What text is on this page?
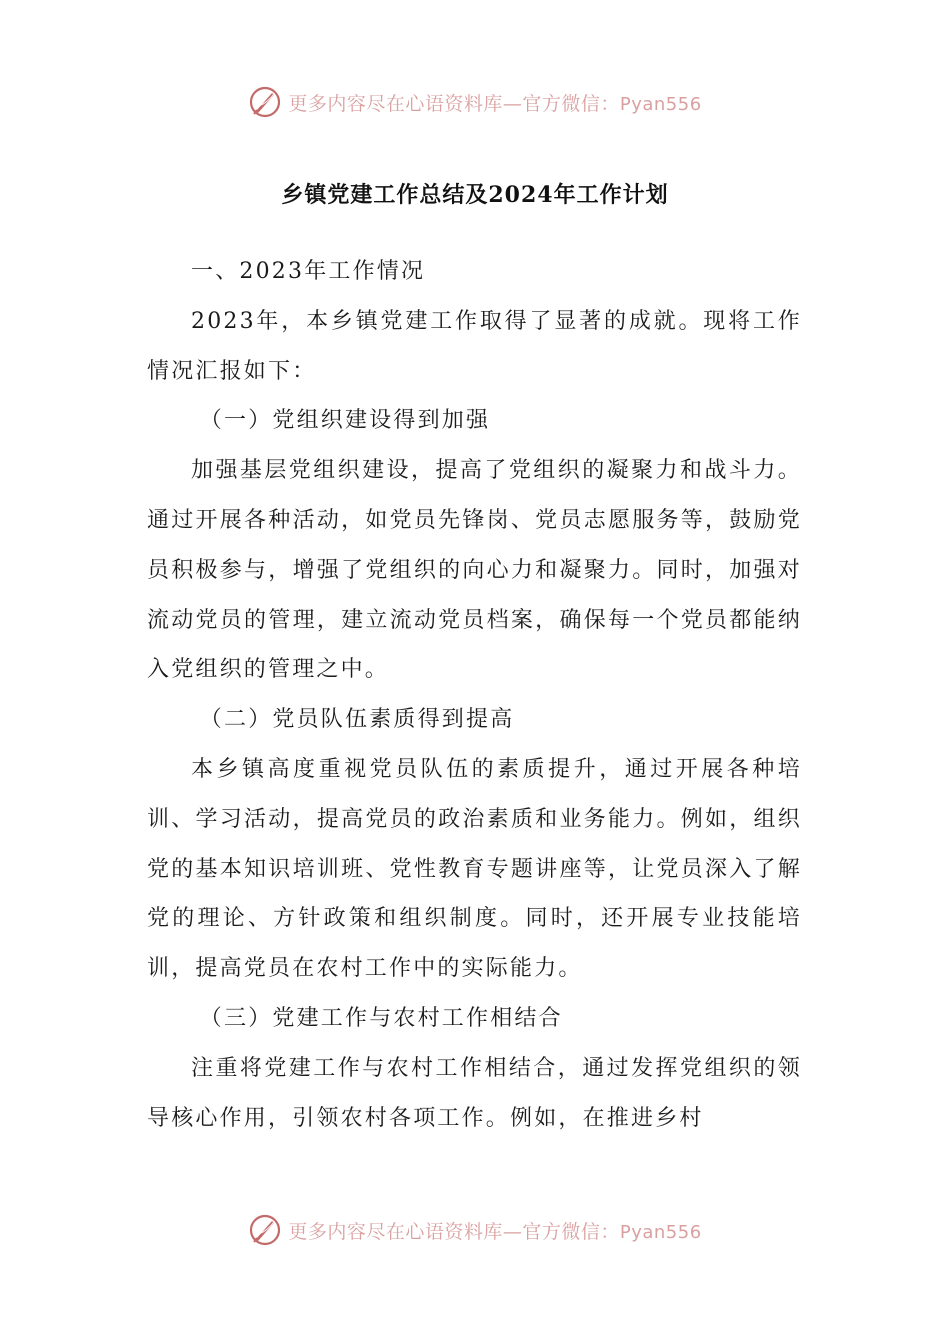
更多内容尽在心语资料库—官方微信：Pyan556
乡镇党建工作总结及2024年工作计划

一、2023年工作情况

2023年，本乡镇党建工作取得了显著的成就。现将工作情况汇报如下：

（一）党组织建设得到加强

加强基层党组织建设，提高了党组织的凝聚力和战斗力。通过开展各种活动，如党员先锋岗、党员志愿服务等，鼓励党员积极参与，增强了党组织的向心力和凝聚力。同时，加强对流动党员的管理，建立流动党员档案，确保每一个党员都能纳入党组织的管理之中。

（二）党员队伍素质得到提高

本乡镇高度重视党员队伍的素质提升，通过开展各种培训、学习活动，提高党员的政治素质和业务能力。例如，组织党的基本知识培训班、党性教育专题讲座等，让党员深入了解党的理论、方针政策和组织制度。同时，还开展专业技能培训，提高党员在农村工作中的实际能力。

（三）党建工作与农村工作相结合

注重将党建工作与农村工作相结合，通过发挥党组织的领导核心作用，引领农村各项工作。例如，在推进乡村

更多内容尽在心语资料库—官方微信：Pyan556
